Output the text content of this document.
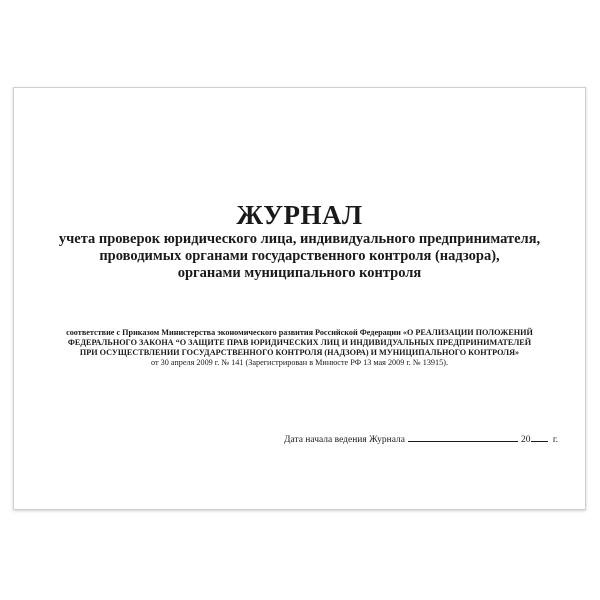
ЖУРНАЛ
учета проверок юридического лица, индивидуального предпринимателя,
проводимых органами государственного контроля (надзора),
органами муниципального контроля
соответствие с Приказом Министерства экономического развития Российской Федерации «О РЕАЛИЗАЦИИ ПОЛОЖЕНИЙ
ФЕДЕРАЛЬНОГО ЗАКОНА “О ЗАЩИТЕ ПРАВ ЮРИДИЧЕСКИХ ЛИЦ И ИНДИВИДУАЛЬНЫХ ПРЕДПРИНИМАТЕЛЕЙ
ПРИ ОСУЩЕСТВЛЕНИИ ГОСУДАРСТВЕННОГО КОНТРОЛЯ (НАДЗОРА) И МУНИЦИПАЛЬНОГО КОНТРОЛЯ»
от 30 апреля 2009 г. № 141 (Зарегистрирован в Минюсте РФ 13 мая 2009 г. № 13915).
Дата начала ведения Журнала	20 г.
